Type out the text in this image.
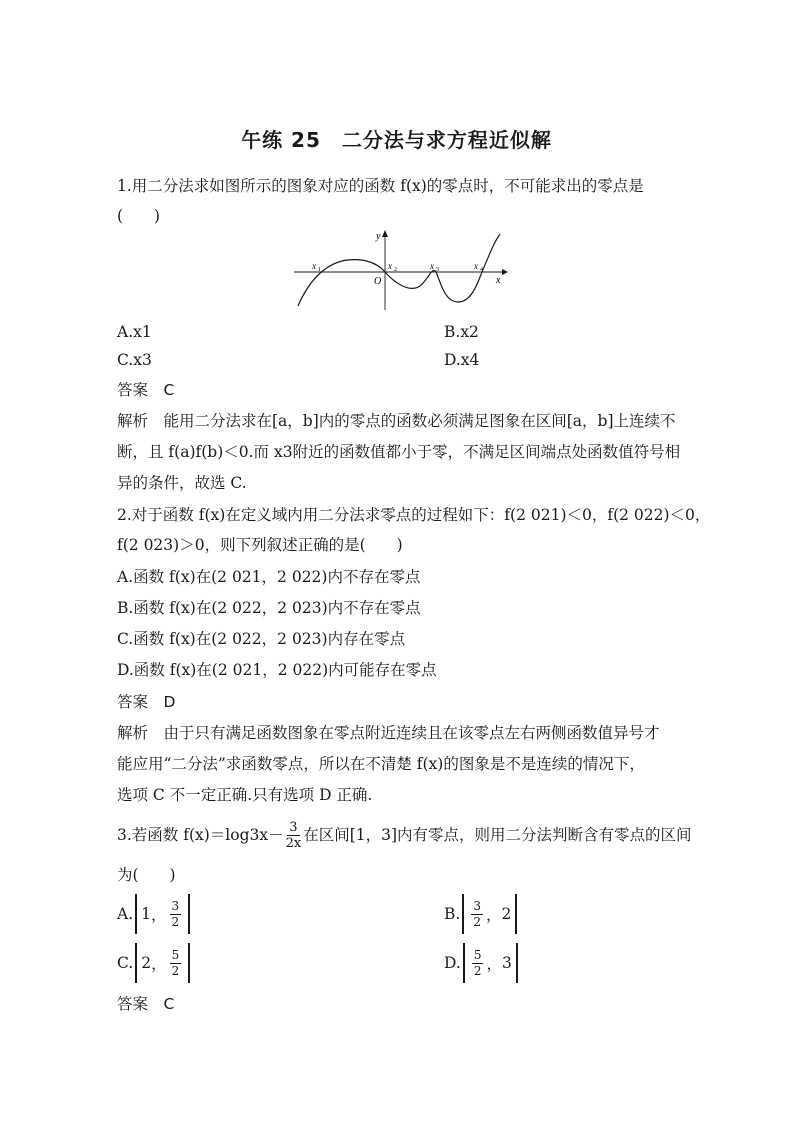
午练 25　二分法与求方程近似解
1.用二分法求如图所示的图象对应的函数 f(x)的零点时，不可能求出的零点是
(　　)
y
x
O
x 1	x 2	x 3	x 4
A.x1	B.x2
C.x3	D.x4
答案　C
解析　能用二分法求在[a，b]内的零点的函数必须满足图象在区间[a，b]上连续不
断，且 f(a)f(b)＜0.而 x3附近的函数值都小于零，不满足区间端点处函数值符号相
异的条件，故选 C.
2.对于函数 f(x)在定义域内用二分法求零点的过程如下：f(2 021)＜0，f(2 022)＜0，
f(2 023)＞0，则下列叙述正确的是(　　)
A.函数 f(x)在(2 021，2 022)内不存在零点
B.函数 f(x)在(2 022，2 023)内不存在零点
C.函数 f(x)在(2 022，2 023)内存在零点
D.函数 f(x)在(2 021，2 022)内可能存在零点
答案　D
解析　由于只有满足函数图象在零点附近连续且在该零点左右两侧函数值异号才
能应用“二分法”求函数零点，所以在不清楚 f(x)的图象是不是连续的情况下，
选项 C 不一定正确.只有选项 D 正确.
3.若函数 $f(x)=\log 3x- \frac{3}{2x}$ 在区间[1，3]内有零点，则用二分法判断含有零点的区间
为(　　)
A. 1 ， $\frac{3}{2}$	B. $\frac{3}{2}$ ， 2
C. 2 ， $\frac{5}{2}$	D. $\frac{5}{2}$ ， 3
答案　C
